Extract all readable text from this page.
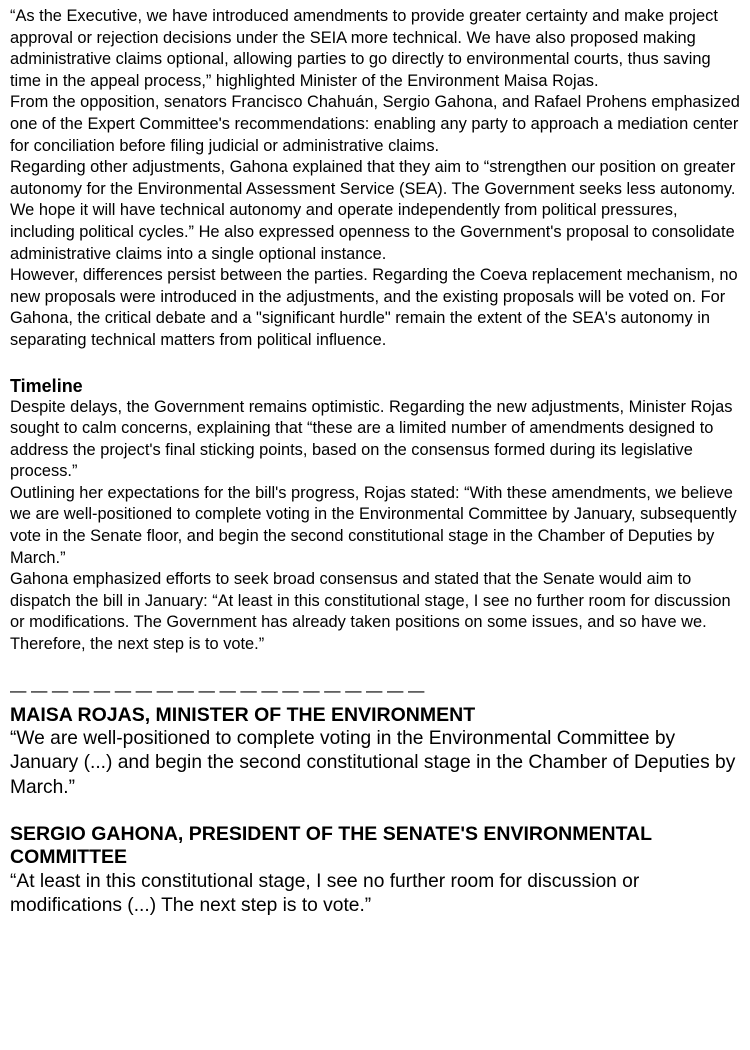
“As the Executive, we have introduced amendments to provide greater certainty and make project approval or rejection decisions under the SEIA more technical. We have also proposed making administrative claims optional, allowing parties to go directly to environmental courts, thus saving time in the appeal process,” highlighted Minister of the Environment Maisa Rojas.

From the opposition, senators Francisco Chahuán, Sergio Gahona, and Rafael Prohens emphasized one of the Expert Committee's recommendations: enabling any party to approach a mediation center for conciliation before filing judicial or administrative claims.

Regarding other adjustments, Gahona explained that they aim to “strengthen our position on greater autonomy for the Environmental Assessment Service (SEA). The Government seeks less autonomy. We hope it will have technical autonomy and operate independently from political pressures, including political cycles.” He also expressed openness to the Government's proposal to consolidate administrative claims into a single optional instance.

However, differences persist between the parties. Regarding the Coeva replacement mechanism, no new proposals were introduced in the adjustments, and the existing proposals will be voted on. For Gahona, the critical debate and a "significant hurdle" remain the extent of the SEA's autonomy in separating technical matters from political influence.

Timeline

Despite delays, the Government remains optimistic. Regarding the new adjustments, Minister Rojas sought to calm concerns, explaining that “these are a limited number of amendments designed to address the project's final sticking points, based on the consensus formed during its legislative process.”

Outlining her expectations for the bill's progress, Rojas stated: “With these amendments, we believe we are well-positioned to complete voting in the Environmental Committee by January, subsequently vote in the Senate floor, and begin the second constitutional stage in the Chamber of Deputies by March.”

Gahona emphasized efforts to seek broad consensus and stated that the Senate would aim to dispatch the bill in January: “At least in this constitutional stage, I see no further room for discussion or modifications. The Government has already taken positions on some issues, and so have we. Therefore, the next step is to vote.”

— — — — — — — — — — — — — — — — — — — —
MAISA ROJAS, MINISTER OF THE ENVIRONMENT
“We are well-positioned to complete voting in the Environmental Committee by January (...) and begin the second constitutional stage in the Chamber of Deputies by March.”
SERGIO GAHONA, PRESIDENT OF THE SENATE'S ENVIRONMENTAL COMMITTEE
“At least in this constitutional stage, I see no further room for discussion or modifications (...) The next step is to vote.”
